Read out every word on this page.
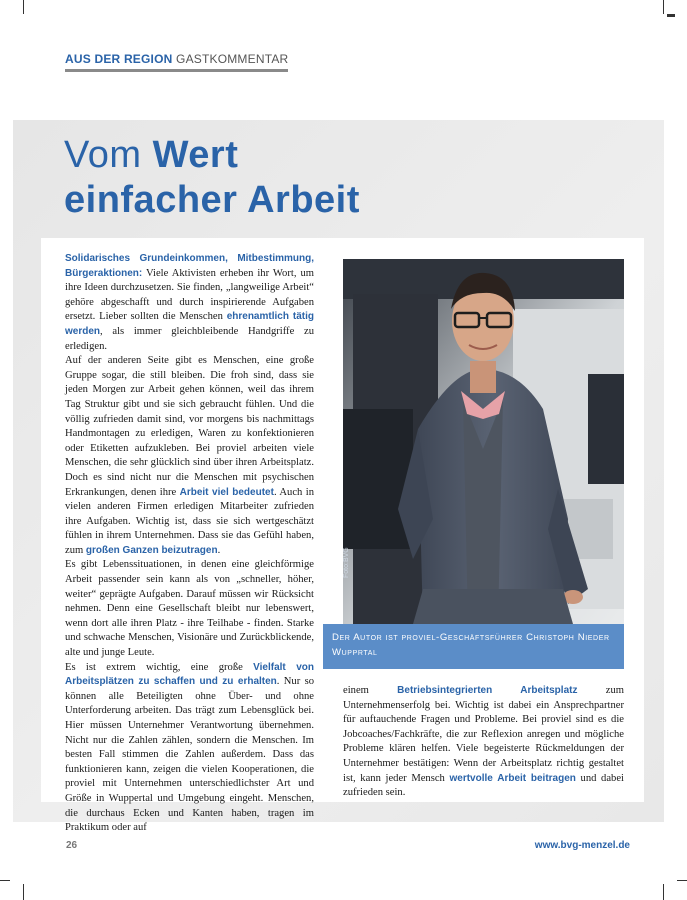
AUS DER REGION GASTKOMMENTAR
Vom Wert
einfacher Arbeit

Solidarisches Grundeinkommen, Mitbestimmung, Bürgeraktionen: Viele Aktivisten erheben ihr Wort, um ihre Ideen durchzusetzen. Sie finden, „langweilige Arbeit“ gehöre abgeschafft und durch inspirierende Aufgaben ersetzt. Lieber sollten die Menschen ehrenamtlich tätig werden, als immer gleichbleibende Handgriffe zu erledigen.

Auf der anderen Seite gibt es Menschen, eine große Gruppe sogar, die still bleiben. Die froh sind, dass sie jeden Morgen zur Arbeit gehen können, weil das ihrem Tag Struktur gibt und sie sich gebraucht fühlen. Und die völlig zufrieden damit sind, vor morgens bis nachmittags Handmontagen zu erledigen, Waren zu konfektionieren oder Etiketten aufzukleben. Bei proviel arbeiten viele Menschen, die sehr glücklich sind über ihren Arbeitsplatz. Doch es sind nicht nur die Menschen mit psychischen Erkrankungen, denen ihre Arbeit viel bedeutet. Auch in vielen anderen Firmen erledigen Mitarbeiter zufrieden ihre Aufgaben. Wichtig ist, dass sie sich wertgeschätzt fühlen in ihrem Unternehmen. Dass sie das Gefühl haben, zum großen Ganzen beizutragen.

Es gibt Lebenssituationen, in denen eine gleichförmige Arbeit passender sein kann als von „schneller, höher, weiter“ geprägte Aufgaben. Darauf müssen wir Rücksicht nehmen. Denn eine Gesellschaft bleibt nur lebenswert, wenn dort alle ihren Platz - ihre Teilhabe - finden. Starke und schwache Menschen, Visionäre und Zurückblickende, alte und junge Leute.

Es ist extrem wichtig, eine große Vielfalt von Arbeitsplätzen zu schaffen und zu erhalten. Nur so können alle Beteiligten ohne Über- und ohne Unterforderung arbeiten. Das trägt zum Lebensglück bei. Hier müssen Unternehmer Verantwortung übernehmen. Nicht nur die Zahlen zählen, sondern die Menschen. Im besten Fall stimmen die Zahlen außerdem. Dass das funktionieren kann, zeigen die vielen Kooperationen, die proviel mit Unternehmen unterschiedlichster Art und Größe in Wuppertal und Umgebung eingeht. Menschen, die durchaus Ecken und Kanten haben, tragen im Praktikum oder auf

Foto:BVG
Der Autor ist proviel-Geschäftsführer Christoph Nieder Wupprtal

einem Betriebsintegrierten Arbeitsplatz zum Unternehmenserfolg bei. Wichtig ist dabei ein Ansprechpartner für auftauchende Fragen und Probleme. Bei proviel sind es die Jobcoaches/Fachkräfte, die zur Reflexion anregen und mögliche Probleme klären helfen. Viele begeisterte Rückmeldungen der Unternehmer bestätigen: Wenn der Arbeitsplatz richtig gestaltet ist, kann jeder Mensch wertvolle Arbeit beitragen und dabei zufrieden sein.

26	www.bvg-menzel.de
